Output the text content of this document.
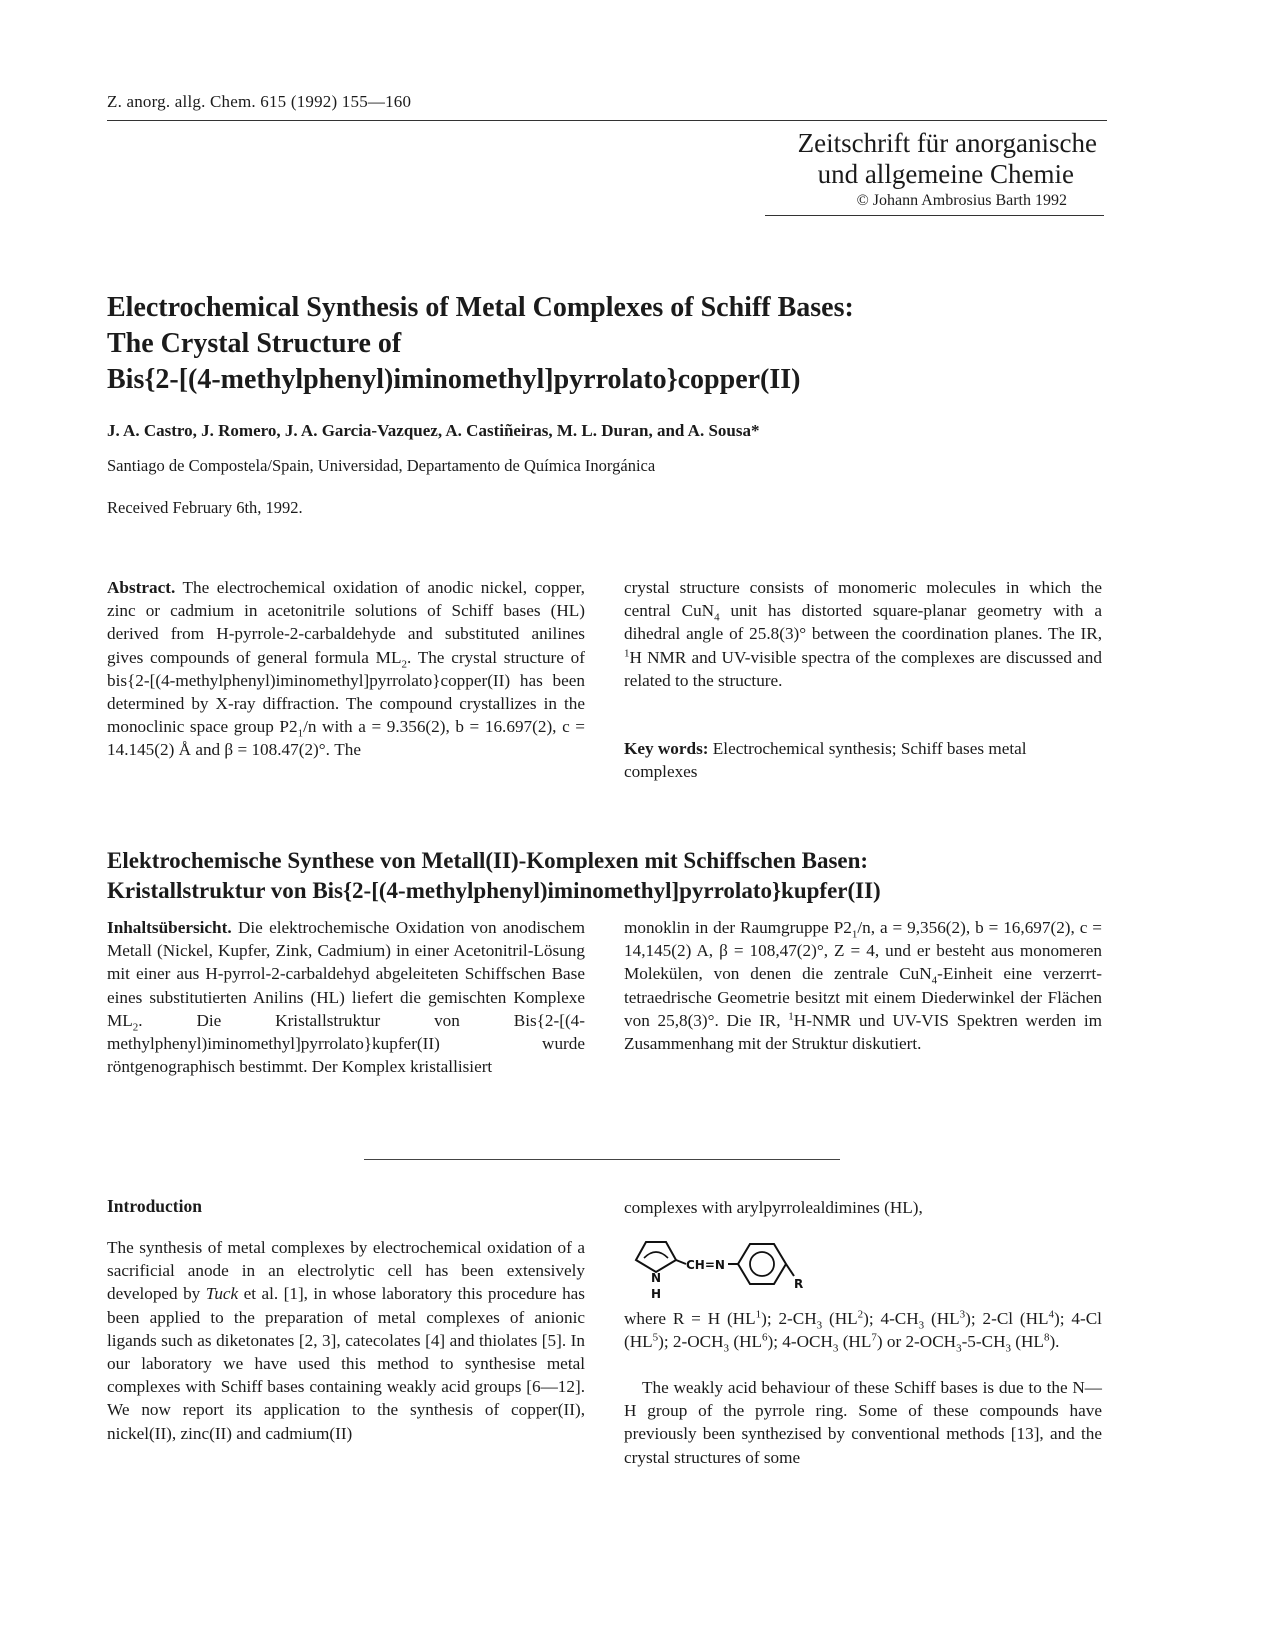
Z. anorg. allg. Chem. 615 (1992) 155—160
Zeitschrift für anorganische
und allgemeine Chemie
© Johann Ambrosius Barth 1992
Electrochemical Synthesis of Metal Complexes of Schiff Bases:
The Crystal Structure of
Bis{2-[(4-methylphenyl)iminomethyl]pyrrolato}copper(II)
J. A. Castro, J. Romero, J. A. Garcia-Vazquez, A. Castiñeiras, M. L. Duran, and A. Sousa*
Santiago de Compostela/Spain, Universidad, Departamento de Química Inorgánica
Received February 6th, 1992.
Abstract. The electrochemical oxidation of anodic nickel, copper, zinc or cadmium in acetonitrile solutions of Schiff bases (HL) derived from H-pyrrole-2-carbaldehyde and substituted anilines gives compounds of general formula $ML_2$. The crystal structure of bis{2-[(4-methylphenyl)iminomethyl]pyrrolato}copper(II) has been determined by X-ray diffraction. The compound crystallizes in the monoclinic space group $P2_1/n$ with a = 9.356(2), b = 16.697(2), c = 14.145(2) Å and β = 108.47(2)°. The
crystal structure consists of monomeric molecules in which the central CuN$_4$ unit has distorted square-planar geometry with a dihedral angle of 25.8(3)° between the coordination planes. The IR, $^1$H NMR and UV-visible spectra of the complexes are discussed and related to the structure.
Key words: Electrochemical synthesis; Schiff bases metal complexes
Elektrochemische Synthese von Metall(II)-Komplexen mit Schiffschen Basen:
Kristallstruktur von Bis{2-[(4-methylphenyl)iminomethyl]pyrrolato}kupfer(II)
Inhaltsübersicht. Die elektrochemische Oxidation von anodischem Metall (Nickel, Kupfer, Zink, Cadmium) in einer Acetonitril-Lösung mit einer aus H-pyrrol-2-carbaldehyd abgeleiteten Schiffschen Base eines substitutierten Anilins (HL) liefert die gemischten Komplexe $ML_2$. Die Kristallstruktur von Bis{2-[(4-methylphenyl)iminomethyl]pyrrolato}kupfer(II) wurde röntgenographisch bestimmt. Der Komplex kristallisiert
monoklin in der Raumgruppe $P2_1/n$, a = 9,356(2), b = 16,697(2), c = 14,145(2) A, β = 108,47(2)°, Z = 4, und er besteht aus monomeren Molekülen, von denen die zentrale CuN$_4$-Einheit eine verzerrt-tetraedrische Geometrie besitzt mit einem Diederwinkel der Flächen von 25,8(3)°. Die IR, $^1$H-NMR und UV-VIS Spektren werden im Zusammenhang mit der Struktur diskutiert.
Introduction
The synthesis of metal complexes by electrochemical oxidation of a sacrificial anode in an electrolytic cell has been extensively developed by Tuck et al. [1], in whose laboratory this procedure has been applied to the preparation of metal complexes of anionic ligands such as diketonates [2, 3], catecolates [4] and thiolates [5]. In our laboratory we have used this method to synthesise metal complexes with Schiff bases containing weakly acid groups [6—12]. We now report its application to the synthesis of copper(II), nickel(II), zinc(II) and cadmium(II)
complexes with arylpyrrolealdimines (HL),
N
H
CH=N
R
where R = H $(HL^1)$; $2-CH_3$ $(HL^2)$; $4-CH_3$ $(HL^3)$; 2-Cl $(HL^4)$; 4-Cl $(HL^5)$; $2-OCH_3$ $(HL^6)$; $4-OCH_3$ $(HL^7)$ or $2-OCH_3-5-CH_3$ $(HL^8)$.
The weakly acid behaviour of these Schiff bases is due to the N—H group of the pyrrole ring. Some of these compounds have previously been synthezised by conventional methods [13], and the crystal structures of some
